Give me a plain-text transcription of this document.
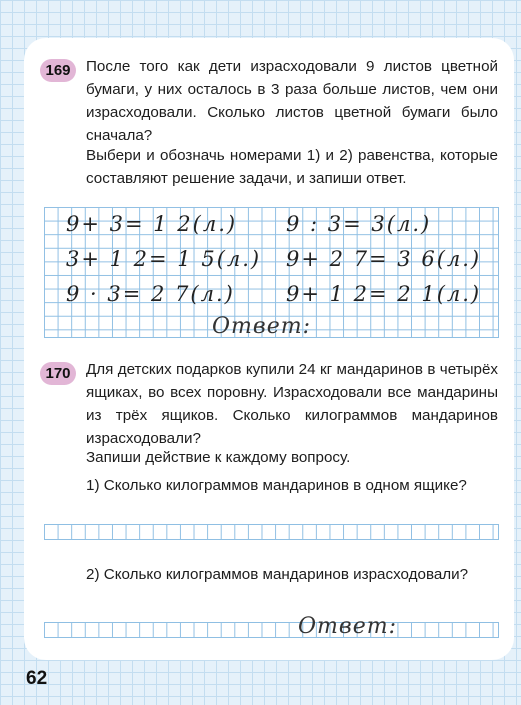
169	После того как дети израсходовали 9 листов цветной бумаги, у них осталось в 3 раза больше листов, чем они израсходовали. Сколько листов цветной бумаги было сначала?

Выбери и обозначь номерами 1) и 2) равенства, которые составляют решение задачи, и запиши ответ.

9+ 3= 1 2(л.)
3+ 1 2= 1 5(л.)
9 · 3= 2 7(л.)
9 : 3= 3(л.)
9+ 2 7= 3 6(л.)
9+ 1 2= 2 1(л.)
Ответ:
170	Для детских подарков купили 24 кг мандаринов в четырёх ящиках, во всех поровну. Израсходовали все мандарины из трёх ящиков. Сколько килограммов мандаринов израсходовали?

Запиши действие к каждому вопросу.

1) Сколько килограммов мандаринов в одном ящике?

2) Сколько килограммов мандаринов израсходовали?

Ответ:
62
